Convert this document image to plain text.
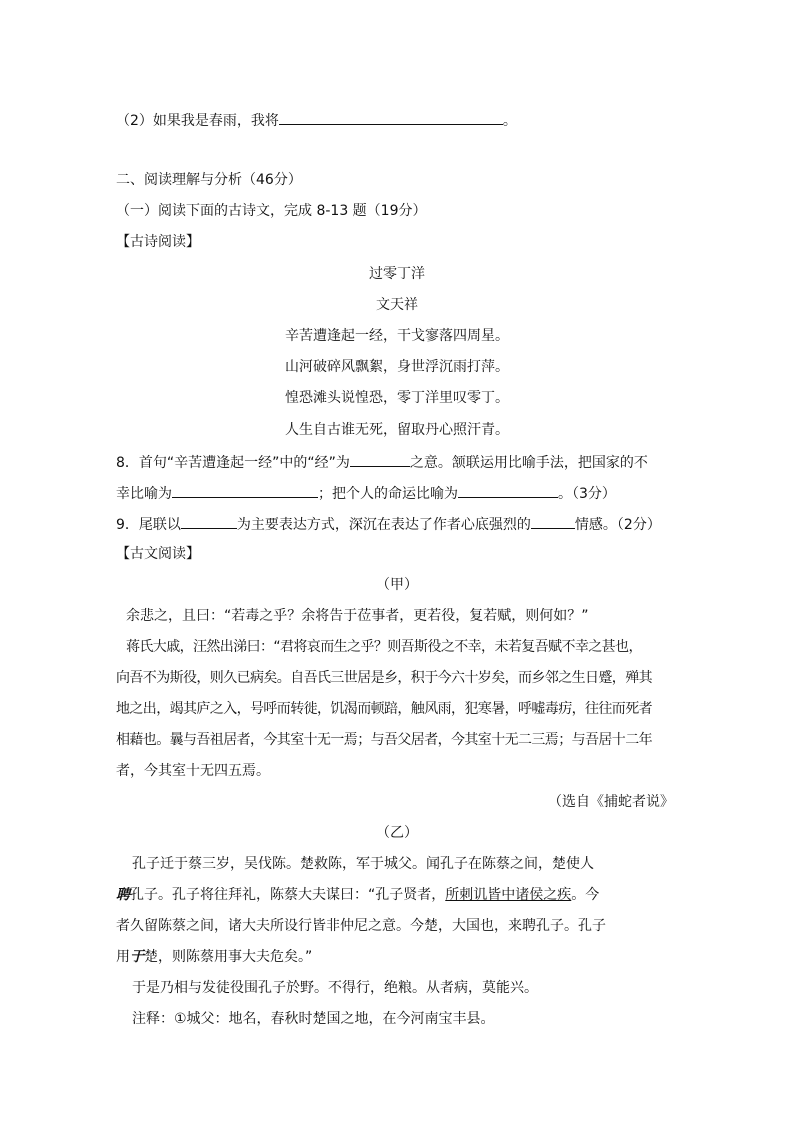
（2）如果我是春雨，我将	。
二、阅读理解与分析（46分）
（一）阅读下面的古诗文，完成 8-13 题（19分）
【古诗阅读】
过零丁洋
文天祥
辛苦遭逢起一经，干戈寥落四周星。
山河破碎风飘絮，身世浮沉雨打萍。
惶恐滩头说惶恐，零丁洋里叹零丁。
人生自古谁无死，留取丹心照汗青。
8．首句“辛苦遭逢起一经”中的“经”为	之意。颔联运用比喻手法，把国家的不
幸比喻为	；把个人的命运比喻为	。（3分）
9．尾联以	为主要表达方式，深沉在表达了作者心底强烈的	情感。（2分）
【古文阅读】
（甲）
余悲之，且曰：“若毒之乎？余将告于莅事者，更若役，复若赋，则何如？”
蒋氏大戚，汪然出涕曰：“君将哀而生之乎？则吾斯役之不幸，未若复吾赋不幸之甚也，
向吾不为斯役，则久已病矣。自吾氏三世居是乡，积于今六十岁矣，而乡邻之生日蹙，殚其
地之出，竭其庐之入，号呼而转徙，饥渴而顿踣，触风雨，犯寒暑，呼嘘毒疠，往往而死者
相藉也。曩与吾祖居者，今其室十无一焉；与吾父居者，今其室十无二三焉；与吾居十二年
者，今其室十无四五焉。
（选自《捕蛇者说》
（乙）
孔子迁于蔡三岁，吴伐陈。楚救陈，军于城父。闻孔子在陈蔡之间，楚使人
聘孔子。孔子将往拜礼，陈蔡大夫谋曰：“孔子贤者，所刺讥皆中诸侯之疾。今
者久留陈蔡之间，诸大夫所设行皆非仲尼之意。今楚，大国也，来聘孔子。孔子
用于楚，则陈蔡用事大夫危矣。”
于是乃相与发徒役围孔子於野。不得行，绝粮。从者病，莫能兴。
注释：①城父：地名，春秋时楚国之地，在今河南宝丰县。
